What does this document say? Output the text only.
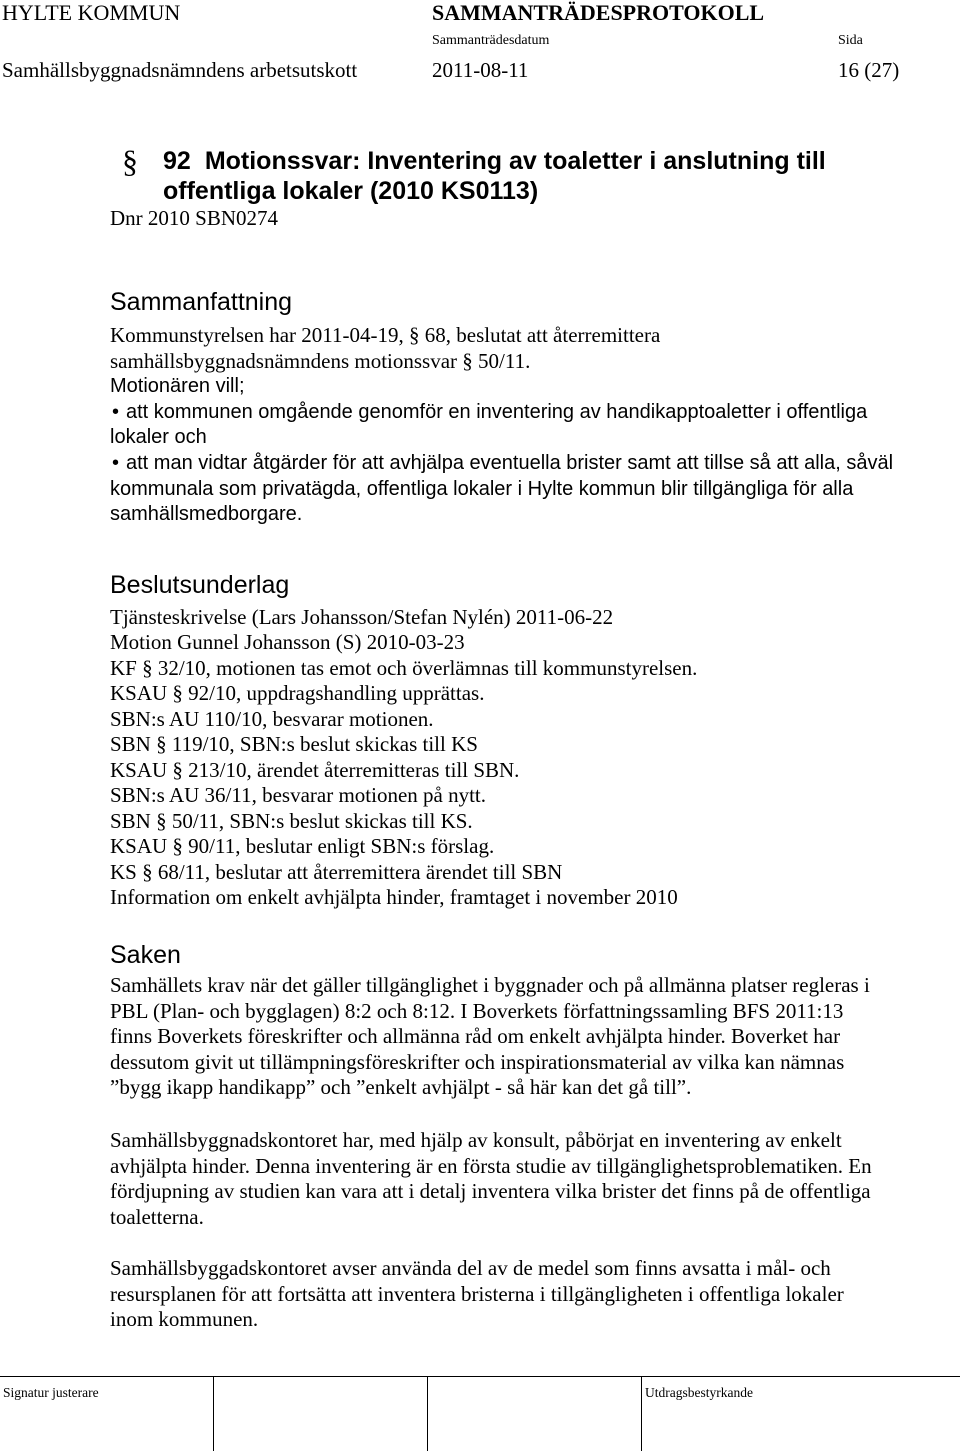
HYLTE KOMMUN	SAMMANTRÄDESPROTOKOLL
Sammanträdesdatum	Sida
Samhällsbyggnadsnämndens arbetsutskott	2011-08-11	16 (27)
§ 92 Motionssvar: Inventering av toaletter i anslutning till
offentliga lokaler (2010 KS0113)
Dnr 2010 SBN0274
Sammanfattning
Kommunstyrelsen har 2011-04-19, § 68, beslutat att återremittera
samhällsbyggnadsnämndens motionssvar § 50/11.
Motionären vill;
• att kommunen omgående genomför en inventering av handikapptoaletter i offentliga
lokaler och
• att man vidtar åtgärder för att avhjälpa eventuella brister samt att tillse så att alla, såväl
kommunala som privatägda, offentliga lokaler i Hylte kommun blir tillgängliga för alla
samhällsmedborgare.
Beslutsunderlag
Tjänsteskrivelse (Lars Johansson/Stefan Nylén) 2011-06-22
Motion Gunnel Johansson (S) 2010-03-23
KF § 32/10, motionen tas emot och överlämnas till kommunstyrelsen.
KSAU § 92/10, uppdragshandling upprättas.
SBN:s AU 110/10, besvarar motionen.
SBN § 119/10, SBN:s beslut skickas till KS
KSAU § 213/10, ärendet återremitteras till SBN.
SBN:s AU 36/11, besvarar motionen på nytt.
SBN § 50/11, SBN:s beslut skickas till KS.
KSAU § 90/11, beslutar enligt SBN:s förslag.
KS § 68/11, beslutar att återremittera ärendet till SBN
Information om enkelt avhjälpta hinder, framtaget i november 2010
Saken
Samhällets krav när det gäller tillgänglighet i byggnader och på allmänna platser regleras i
PBL (Plan- och bygglagen) 8:2 och 8:12. I Boverkets författningssamling BFS 2011:13
finns Boverkets föreskrifter och allmänna råd om enkelt avhjälpta hinder. Boverket har
dessutom givit ut tillämpningsföreskrifter och inspirationsmaterial av vilka kan nämnas
”bygg ikapp handikapp” och ”enkelt avhjälpt - så här kan det gå till”.
Samhällsbyggnadskontoret har, med hjälp av konsult, påbörjat en inventering av enkelt
avhjälpta hinder. Denna inventering är en första studie av tillgänglighetsproblematiken. En
fördjupning av studien kan vara att i detalj inventera vilka brister det finns på de offentliga
toaletterna.
Samhällsbyggadskontoret avser använda del av de medel som finns avsatta i mål- och
resursplanen för att fortsätta att inventera bristerna i tillgängligheten i offentliga lokaler
inom kommunen.
Signatur justerare	Utdragsbestyrkande
